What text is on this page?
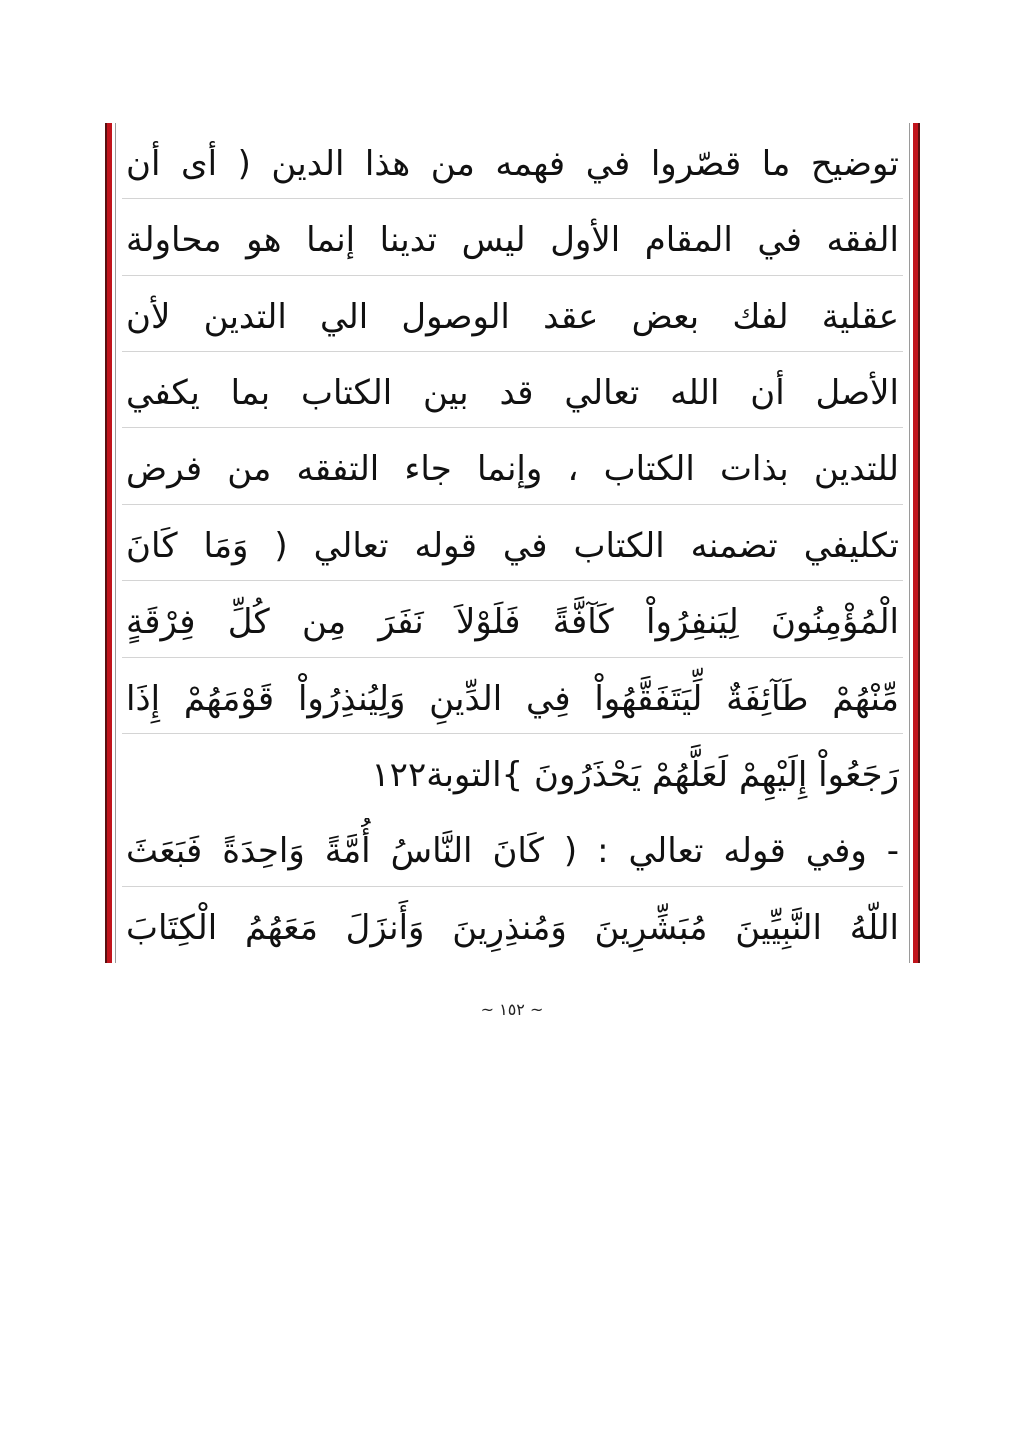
توضيح ما قصّروا في فهمه من هذا الدين ( أى أن
الفقه في المقام الأول ليس تدينا إنما هو محاولة
عقلية لفك بعض عقد الوصول الي التدين لأن
الأصل أن الله تعالي قد بين الكتاب بما يكفي
للتدين بذات الكتاب ، وإنما جاء التفقه من فرض
تكليفي تضمنه الكتاب في قوله تعالي ( وَمَا كَانَ
الْمُؤْمِنُونَ لِيَنفِرُواْ كَآفَّةً فَلَوْلاَ نَفَرَ مِن كُلِّ فِرْقَةٍ
مِّنْهُمْ طَآئِفَةٌ لِّيَتَفَقَّهُواْ فِي الدِّينِ وَلِيُنذِرُواْ قَوْمَهُمْ إِذَا
رَجَعُواْ إِلَيْهِمْ لَعَلَّهُمْ يَحْذَرُونَ }التوبة١٢٢
- وفي قوله تعالي : ( كَانَ النَّاسُ أُمَّةً وَاحِدَةً فَبَعَثَ
اللّهُ النَّبِيِّينَ مُبَشِّرِينَ وَمُنذِرِينَ وَأَنزَلَ مَعَهُمُ الْكِتَابَ
~ ١٥٢ ~
